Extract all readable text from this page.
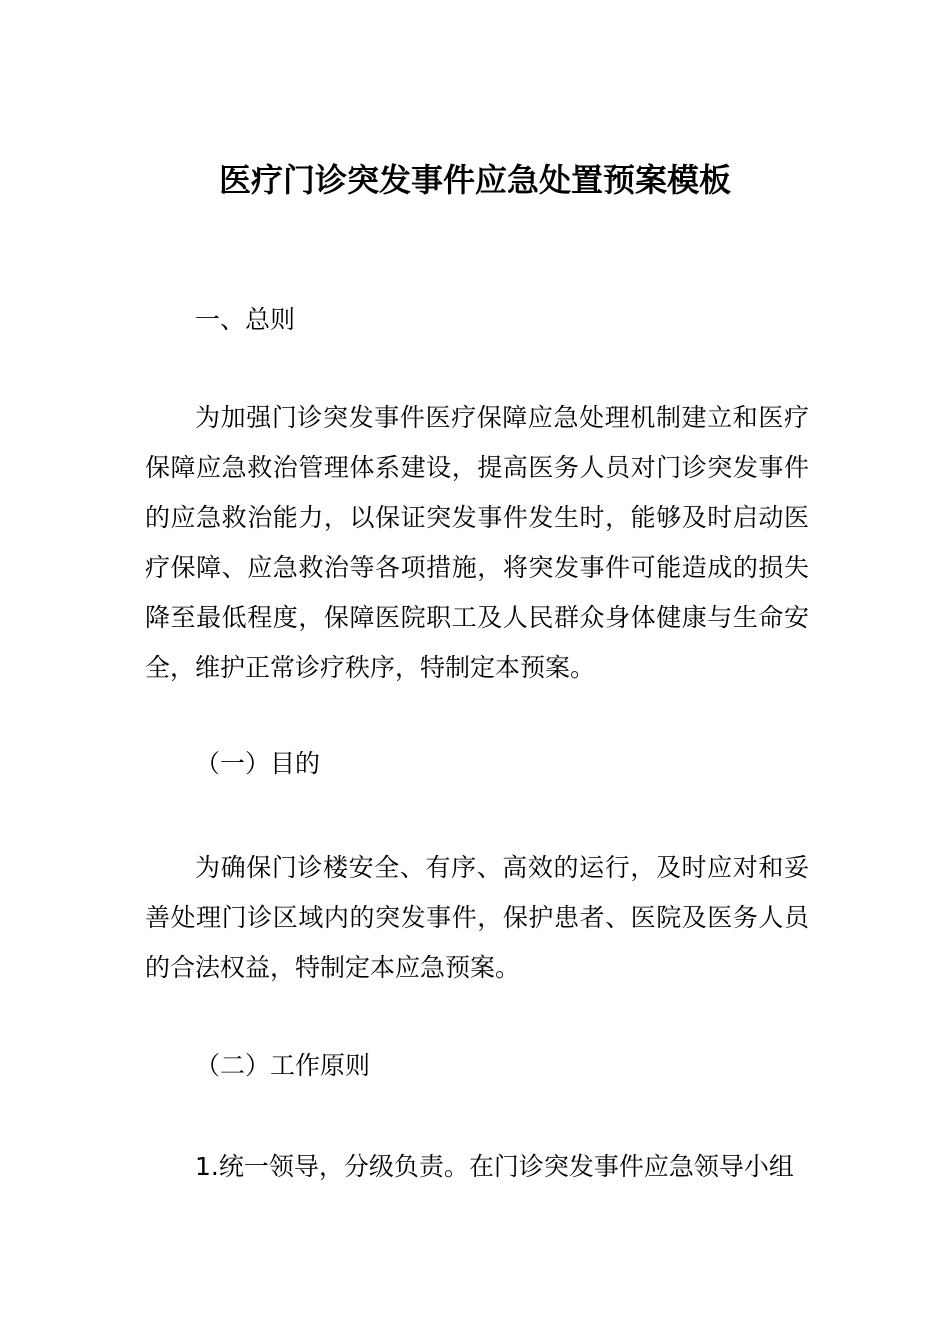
医疗门诊突发事件应急处置预案模板
一、总则

为加强门诊突发事件医疗保障应急处理机制建立和医疗保障应急救治管理体系建设，提高医务人员对门诊突发事件的应急救治能力，以保证突发事件发生时，能够及时启动医疗保障、应急救治等各项措施，将突发事件可能造成的损失降至最低程度，保障医院职工及人民群众身体健康与生命安全，维护正常诊疗秩序，特制定本预案。

（一）目的

为确保门诊楼安全、有序、高效的运行，及时应对和妥善处理门诊区域内的突发事件，保护患者、医院及医务人员的合法权益，特制定本应急预案。

（二）工作原则

1.统一领导，分级负责。在门诊突发事件应急领导小组
